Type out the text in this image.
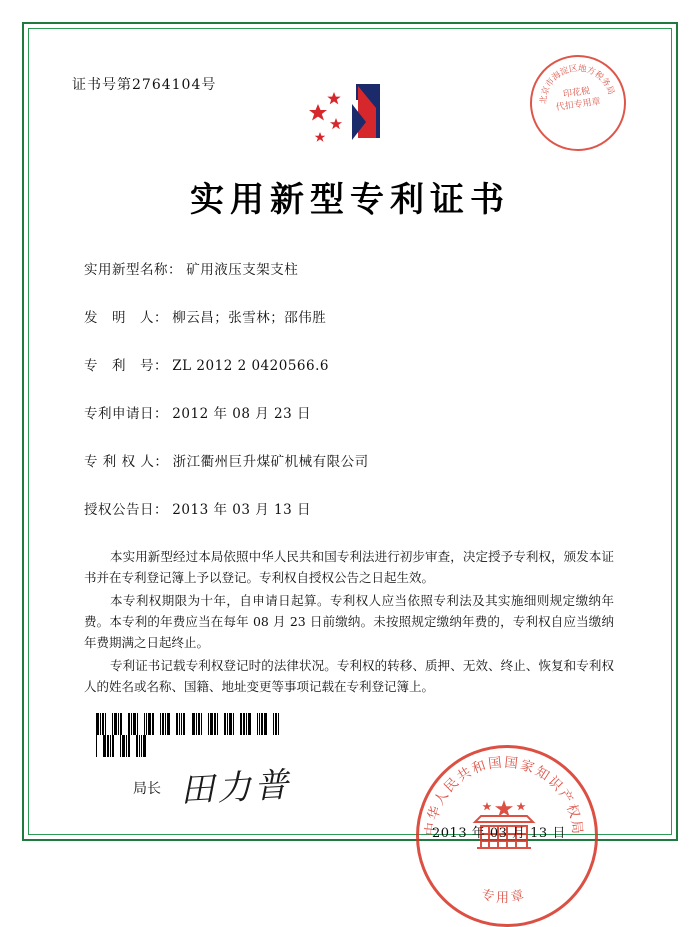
证书号第2764104号
北京市海淀区地方税务局
印花税
代扣专用章
实用新型专利证书
实用新型名称： 矿用液压支架支柱
发　明　人： 柳云昌；张雪林；邵伟胜
专　利　号： ZL 2012 2 0420566.6
专利申请日： 2012 年 08 月 23 日
专 利 权 人： 浙江衢州巨升煤矿机械有限公司
授权公告日： 2013 年 03 月 13 日

本实用新型经过本局依照中华人民共和国专利法进行初步审查，决定授予专利权，颁发本证书并在专利登记簿上予以登记。专利权自授权公告之日起生效。

本专利权期限为十年，自申请日起算。专利权人应当依照专利法及其实施细则规定缴纳年费。本专利的年费应当在每年 08 月 23 日前缴纳。未按照规定缴纳年费的，专利权自应当缴纳年费期满之日起终止。

专利证书记载专利权登记时的法律状况。专利权的转移、质押、无效、终止、恢复和专利权人的姓名或名称、国籍、地址变更等事项记载在专利登记簿上。

局长 田力普
中华人民共和国国家知识产权局
专用章
2013 年 03 月 13 日
